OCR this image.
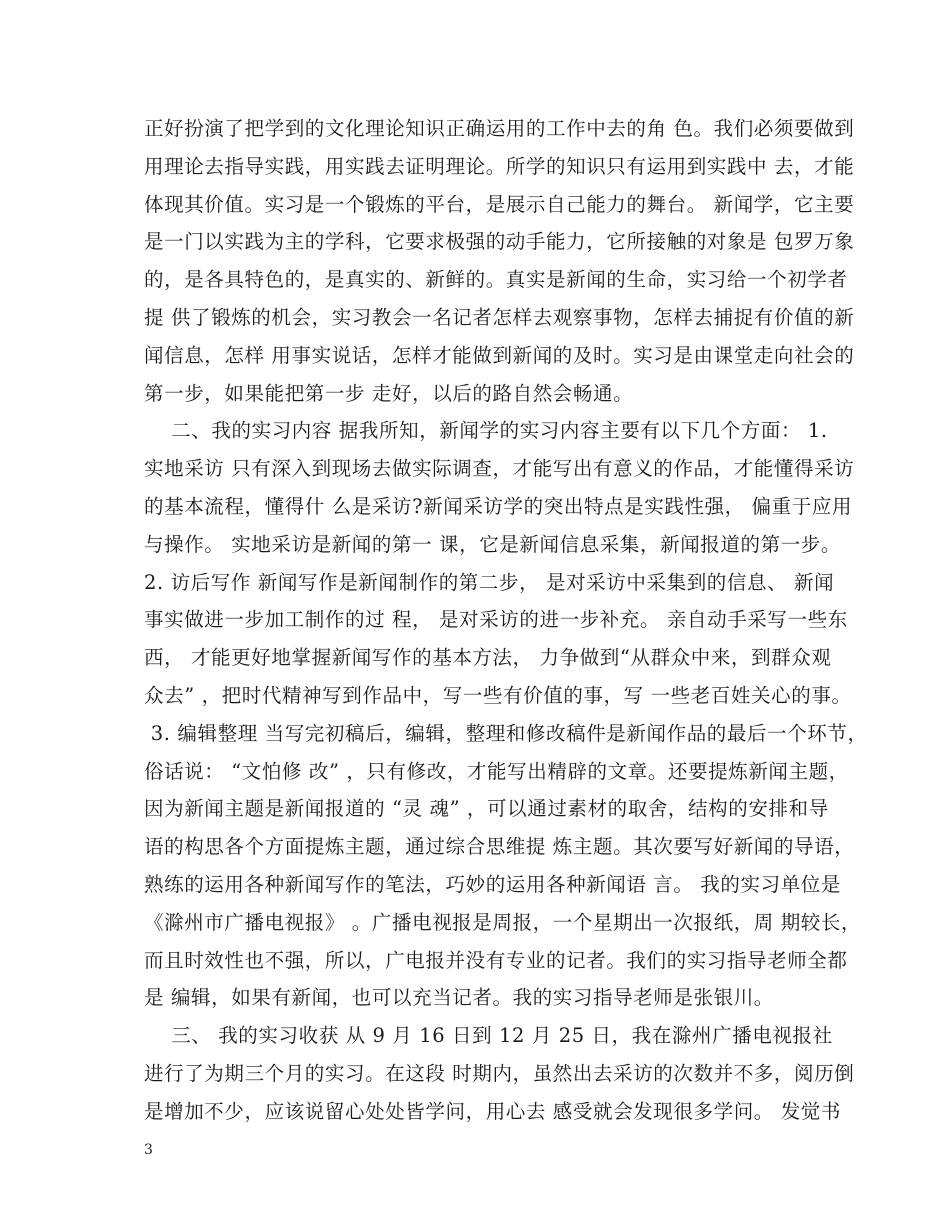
正好扮演了把学到的文化理论知识正确运用的工作中去的角 色。我们必须要做到
用理论去指导实践，用实践去证明理论。所学的知识只有运用到实践中 去，才能
体现其价值。实习是一个锻炼的平台，是展示自己能力的舞台。 新闻学，它主要
是一门以实践为主的学科，它要求极强的动手能力，它所接触的对象是 包罗万象
的，是各具特色的，是真实的、新鲜的。真实是新闻的生命，实习给一个初学者
提 供了锻炼的机会，实习教会一名记者怎样去观察事物，怎样去捕捉有价值的新
闻信息，怎样 用事实说话，怎样才能做到新闻的及时。实习是由课堂走向社会的
第一步，如果能把第一步 走好，以后的路自然会畅通。
二、我的实习内容 据我所知，新闻学的实习内容主要有以下几个方面： 1.
实地采访 只有深入到现场去做实际调查，才能写出有意义的作品，才能懂得采访
的基本流程，懂得什 么是采访?新闻采访学的突出特点是实践性强， 偏重于应用
与操作。 实地采访是新闻的第一 课，它是新闻信息采集，新闻报道的第一步。
2. 访后写作 新闻写作是新闻制作的第二步， 是对采访中采集到的信息、 新闻
事实做进一步加工制作的过 程， 是对采访的进一步补充。 亲自动手采写一些东
西， 才能更好地掌握新闻写作的基本方法， 力争做到“从群众中来，到群众观
众去” ，把时代精神写到作品中，写一些有价值的事，写 一些老百姓关心的事。
3. 编辑整理 当写完初稿后，编辑，整理和修改稿件是新闻作品的最后一个环节，
俗话说： “文怕修 改” ，只有修改，才能写出精辟的文章。还要提炼新闻主题，
因为新闻主题是新闻报道的 “灵 魂” ，可以通过素材的取舍，结构的安排和导
语的构思各个方面提炼主题，通过综合思维提 炼主题。其次要写好新闻的导语，
熟练的运用各种新闻写作的笔法，巧妙的运用各种新闻语 言。 我的实习单位是
《滁州市广播电视报》 。广播电视报是周报，一个星期出一次报纸，周 期较长，
而且时效性也不强，所以，广电报并没有专业的记者。我们的实习指导老师全都
是 编辑，如果有新闻，也可以充当记者。我的实习指导老师是张银川。
三、 我的实习收获 从 9 月 16 日到 12 月 25 日，我在滁州广播电视报社
进行了为期三个月的实习。在这段 时期内，虽然出去采访的次数并不多，阅历倒
是增加不少，应该说留心处处皆学问，用心去 感受就会发现很多学问。 发觉书
3
